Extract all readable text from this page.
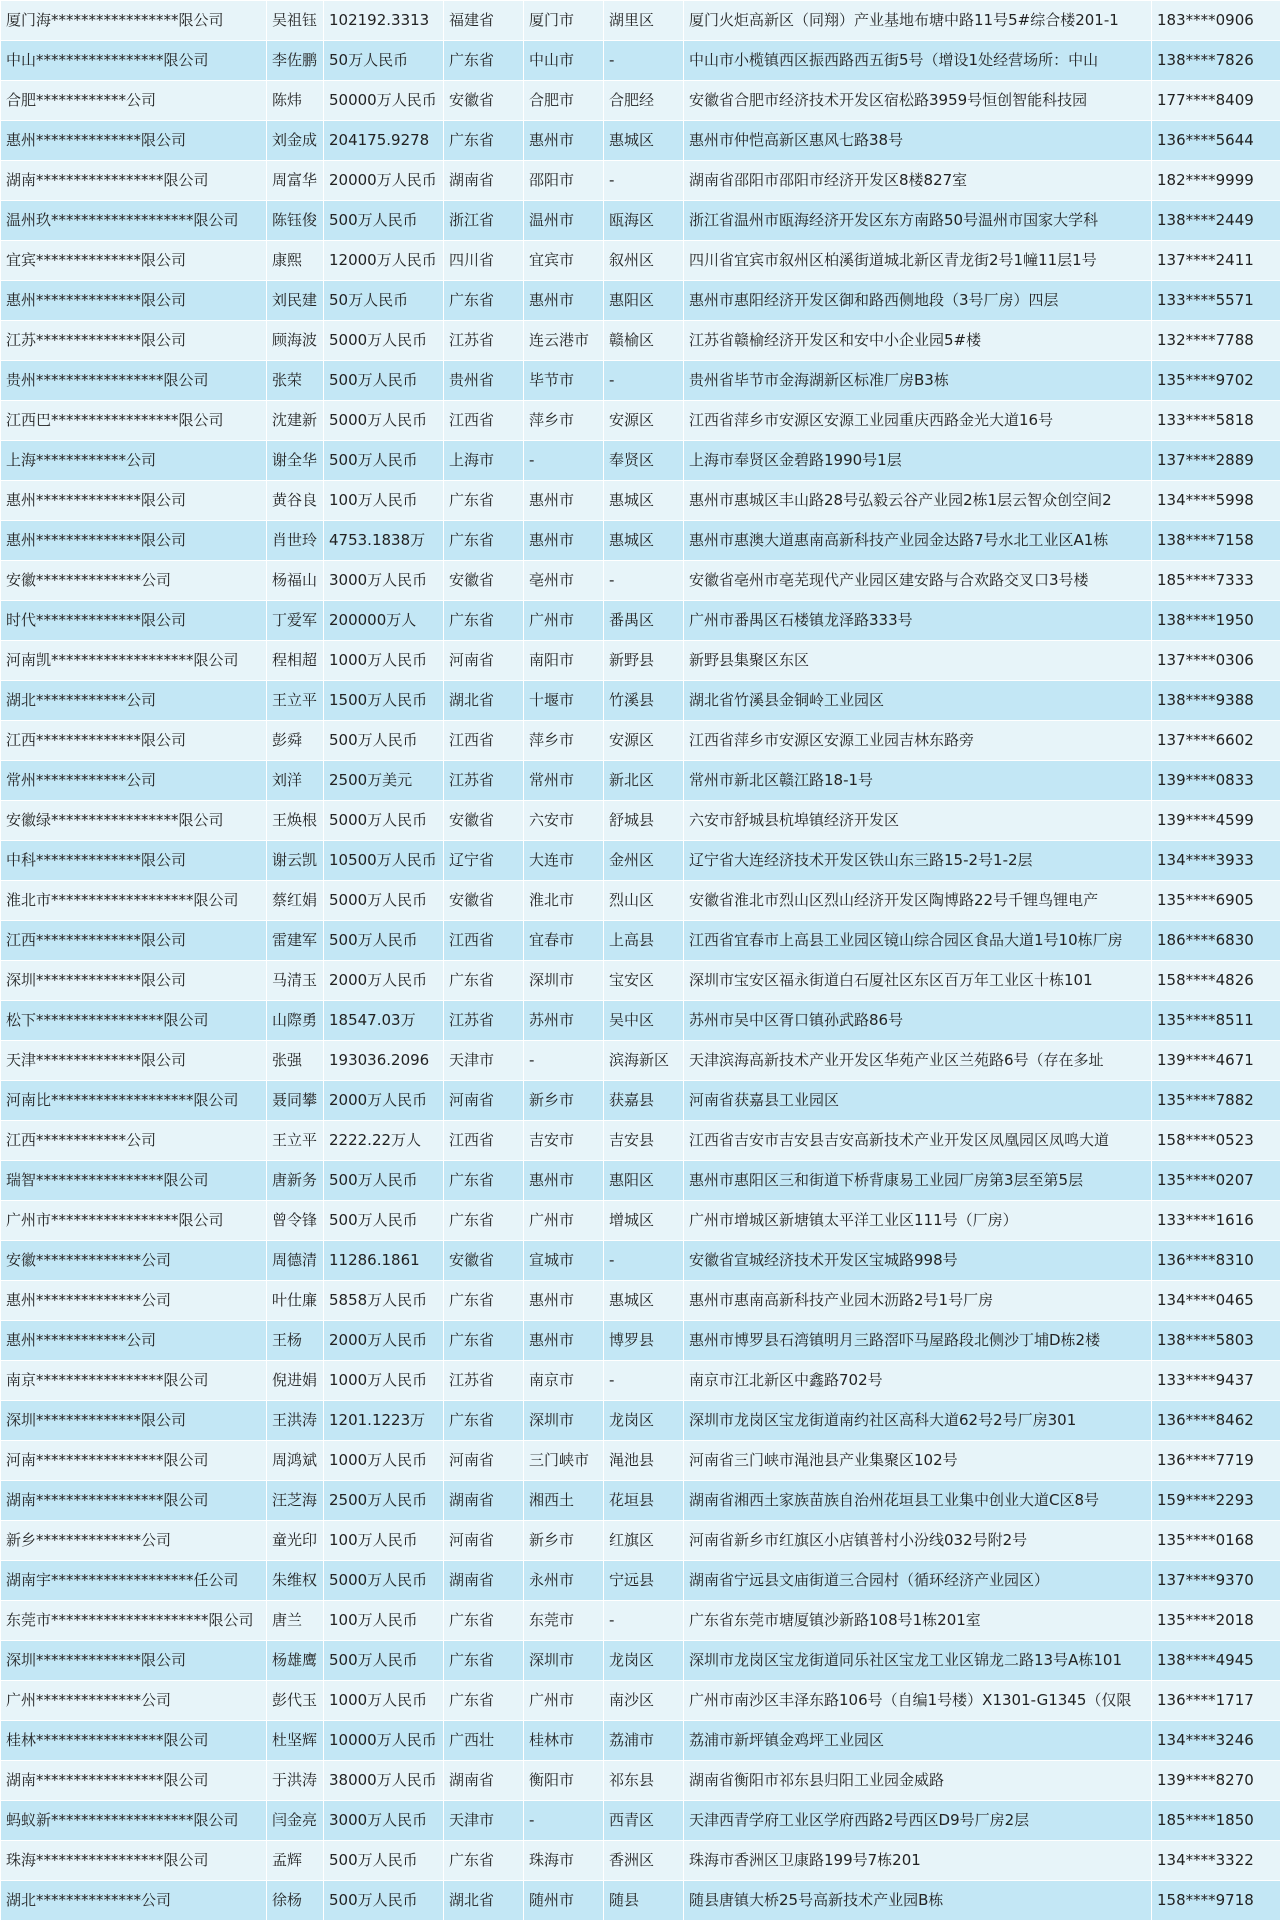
厦门海*****************限公司	吴祖钰	102192.3313	福建省	厦门市	湖里区	厦门火炬高新区（同翔）产业基地布塘中路11号5#综合楼201-1	183****0906
中山*****************限公司	李佐鹏	50万人民币	广东省	中山市	-	中山市小榄镇西区振西路西五街5号（增设1处经营场所：中山	138****7826
合肥************公司	陈炜	50000万人民币	安徽省	合肥市	合肥经	安徽省合肥市经济技术开发区宿松路3959号恒创智能科技园	177****8409
惠州**************限公司	刘金成	204175.9278	广东省	惠州市	惠城区	惠州市仲恺高新区惠风七路38号	136****5644
湖南*****************限公司	周富华	20000万人民币	湖南省	邵阳市	-	湖南省邵阳市邵阳市经济开发区8楼827室	182****9999
温州玖*******************限公司	陈钰俊	500万人民币	浙江省	温州市	瓯海区	浙江省温州市瓯海经济开发区东方南路50号温州市国家大学科	138****2449
宜宾**************限公司	康熙	12000万人民币	四川省	宜宾市	叙州区	四川省宜宾市叙州区柏溪街道城北新区青龙街2号1幢11层1号	137****2411
惠州**************限公司	刘民建	50万人民币	广东省	惠州市	惠阳区	惠州市惠阳经济开发区御和路西侧地段（3号厂房）四层	133****5571
江苏**************限公司	顾海波	5000万人民币	江苏省	连云港市	赣榆区	江苏省赣榆经济开发区和安中小企业园5#楼	132****7788
贵州*****************限公司	张荣	500万人民币	贵州省	毕节市	-	贵州省毕节市金海湖新区标准厂房B3栋	135****9702
江西巴*****************限公司	沈建新	5000万人民币	江西省	萍乡市	安源区	江西省萍乡市安源区安源工业园重庆西路金光大道16号	133****5818
上海************公司	谢全华	500万人民币	上海市	-	奉贤区	上海市奉贤区金碧路1990号1层	137****2889
惠州**************限公司	黄谷良	100万人民币	广东省	惠州市	惠城区	惠州市惠城区丰山路28号弘毅云谷产业园2栋1层云智众创空间2	134****5998
惠州**************限公司	肖世玲	4753.1838万	广东省	惠州市	惠城区	惠州市惠澳大道惠南高新科技产业园金达路7号水北工业区A1栋	138****7158
安徽**************公司	杨福山	3000万人民币	安徽省	亳州市	-	安徽省亳州市亳芜现代产业园区建安路与合欢路交叉口3号楼	185****7333
时代**************限公司	丁爱军	200000万人	广东省	广州市	番禺区	广州市番禺区石楼镇龙泽路333号	138****1950
河南凯*******************限公司	程相超	1000万人民币	河南省	南阳市	新野县	新野县集聚区东区	137****0306
湖北************公司	王立平	1500万人民币	湖北省	十堰市	竹溪县	湖北省竹溪县金铜岭工业园区	138****9388
江西**************限公司	彭舜	500万人民币	江西省	萍乡市	安源区	江西省萍乡市安源区安源工业园吉林东路旁	137****6602
常州************公司	刘洋	2500万美元	江苏省	常州市	新北区	常州市新北区赣江路18-1号	139****0833
安徽绿*****************限公司	王焕根	5000万人民币	安徽省	六安市	舒城县	六安市舒城县杭埠镇经济开发区	139****4599
中科**************限公司	谢云凯	10500万人民币	辽宁省	大连市	金州区	辽宁省大连经济技术开发区铁山东三路15-2号1-2层	134****3933
淮北市*******************限公司	蔡红娟	5000万人民币	安徽省	淮北市	烈山区	安徽省淮北市烈山区烈山经济开发区陶博路22号千锂鸟锂电产	135****6905
江西**************限公司	雷建军	500万人民币	江西省	宜春市	上高县	江西省宜春市上高县工业园区镜山综合园区食品大道1号10栋厂房	186****6830
深圳**************限公司	马清玉	2000万人民币	广东省	深圳市	宝安区	深圳市宝安区福永街道白石厦社区东区百万年工业区十栋101	158****4826
松下*****************限公司	山際勇	18547.03万	江苏省	苏州市	吴中区	苏州市吴中区胥口镇孙武路86号	135****8511
天津**************限公司	张强	193036.2096	天津市	-	滨海新区	天津滨海高新技术产业开发区华苑产业区兰苑路6号（存在多址	139****4671
河南比*******************限公司	聂同攀	2000万人民币	河南省	新乡市	获嘉县	河南省获嘉县工业园区	135****7882
江西************公司	王立平	2222.22万人	江西省	吉安市	吉安县	江西省吉安市吉安县吉安高新技术产业开发区凤凰园区凤鸣大道	158****0523
瑞智*****************限公司	唐新务	500万人民币	广东省	惠州市	惠阳区	惠州市惠阳区三和街道下桥背康易工业园厂房第3层至第5层	135****0207
广州市*****************限公司	曾令锋	500万人民币	广东省	广州市	增城区	广州市增城区新塘镇太平洋工业区111号（厂房）	133****1616
安徽**************公司	周德清	11286.1861	安徽省	宣城市	-	安徽省宣城经济技术开发区宝城路998号	136****8310
惠州**************公司	叶仕廉	5858万人民币	广东省	惠州市	惠城区	惠州市惠南高新科技产业园木沥路2号1号厂房	134****0465
惠州************公司	王杨	2000万人民币	广东省	惠州市	博罗县	惠州市博罗县石湾镇明月三路滘吓马屋路段北侧沙丁埔D栋2楼	138****5803
南京*****************限公司	倪进娟	1000万人民币	江苏省	南京市	-	南京市江北新区中鑫路702号	133****9437
深圳**************限公司	王洪涛	1201.1223万	广东省	深圳市	龙岗区	深圳市龙岗区宝龙街道南约社区高科大道62号2号厂房301	136****8462
河南*****************限公司	周鸿斌	1000万人民币	河南省	三门峡市	渑池县	河南省三门峡市渑池县产业集聚区102号	136****7719
湖南*****************限公司	汪芝海	2500万人民币	湖南省	湘西土	花垣县	湖南省湘西土家族苗族自治州花垣县工业集中创业大道C区8号	159****2293
新乡**************公司	童光印	100万人民币	河南省	新乡市	红旗区	河南省新乡市红旗区小店镇普村小汾线032号附2号	135****0168
湖南宇*******************任公司	朱维权	5000万人民币	湖南省	永州市	宁远县	湖南省宁远县文庙街道三合园村（循环经济产业园区）	137****9370
东莞市*********************限公司	唐兰	100万人民币	广东省	东莞市	-	广东省东莞市塘厦镇沙新路108号1栋201室	135****2018
深圳**************限公司	杨雄鹰	500万人民币	广东省	深圳市	龙岗区	深圳市龙岗区宝龙街道同乐社区宝龙工业区锦龙二路13号A栋101	138****4945
广州**************公司	彭代玉	1000万人民币	广东省	广州市	南沙区	广州市南沙区丰泽东路106号（自编1号楼）X1301-G1345（仅限	136****1717
桂林*****************限公司	杜坚辉	10000万人民币	广西壮	桂林市	荔浦市	荔浦市新坪镇金鸡坪工业园区	134****3246
湖南*****************限公司	于洪涛	38000万人民币	湖南省	衡阳市	祁东县	湖南省衡阳市祁东县归阳工业园金威路	139****8270
蚂蚁新*******************限公司	闫金亮	3000万人民币	天津市	-	西青区	天津西青学府工业区学府西路2号西区D9号厂房2层	185****1850
珠海*****************限公司	孟辉	500万人民币	广东省	珠海市	香洲区	珠海市香洲区卫康路199号7栋201	134****3322
湖北**************公司	徐杨	500万人民币	湖北省	随州市	随县	随县唐镇大桥25号高新技术产业园B栋	158****9718
